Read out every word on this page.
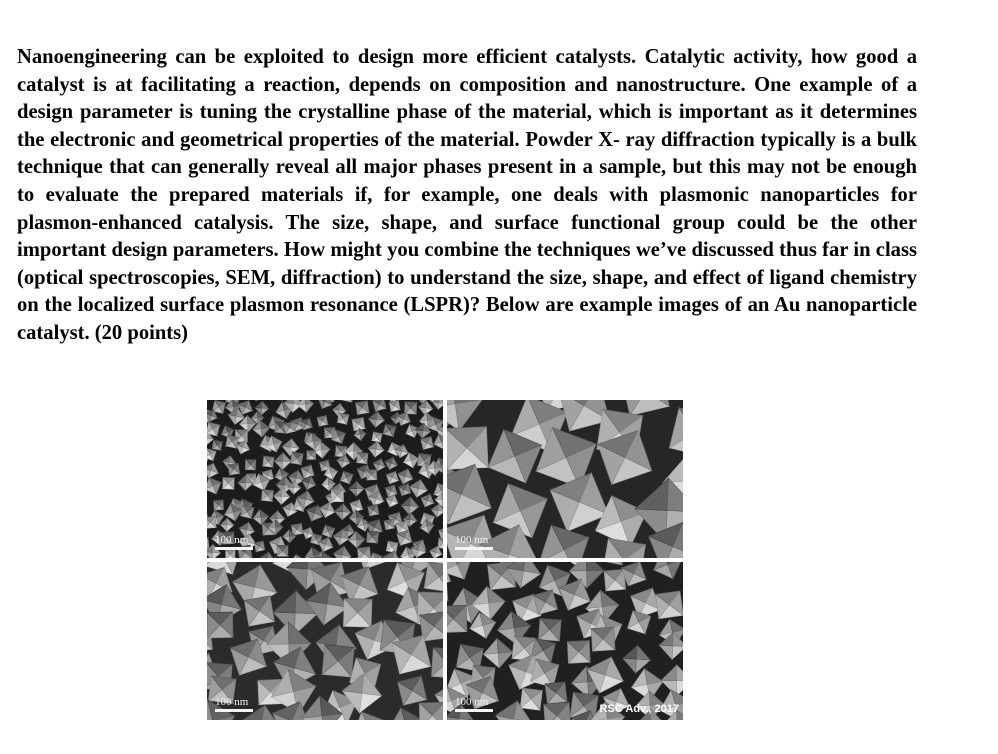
Nanoengineering can be exploited to design more efficient catalysts. Catalytic activity, how good a catalyst is at facilitating a reaction, depends on composition and nanostructure. One example of a design parameter is tuning the crystalline phase of the material, which is important as it determines the electronic and geometrical properties of the material. Powder X- ray diffraction typically is a bulk technique that can generally reveal all major phases present in a sample, but this may not be enough to evaluate the prepared materials if, for example, one deals with plasmonic nanoparticles for plasmon-enhanced catalysis. The size, shape, and surface functional group could be the other important design parameters. How might you combine the techniques we’ve discussed thus far in class (optical spectroscopies, SEM, diffraction) to understand the size, shape, and effect of ligand chemistry on the localized surface plasmon resonance (LSPR)? Below are example images of an Au nanoparticle catalyst. (20 points)

100 nm	100 nm
100 nm	100 nm
RSC Adv., 2017
